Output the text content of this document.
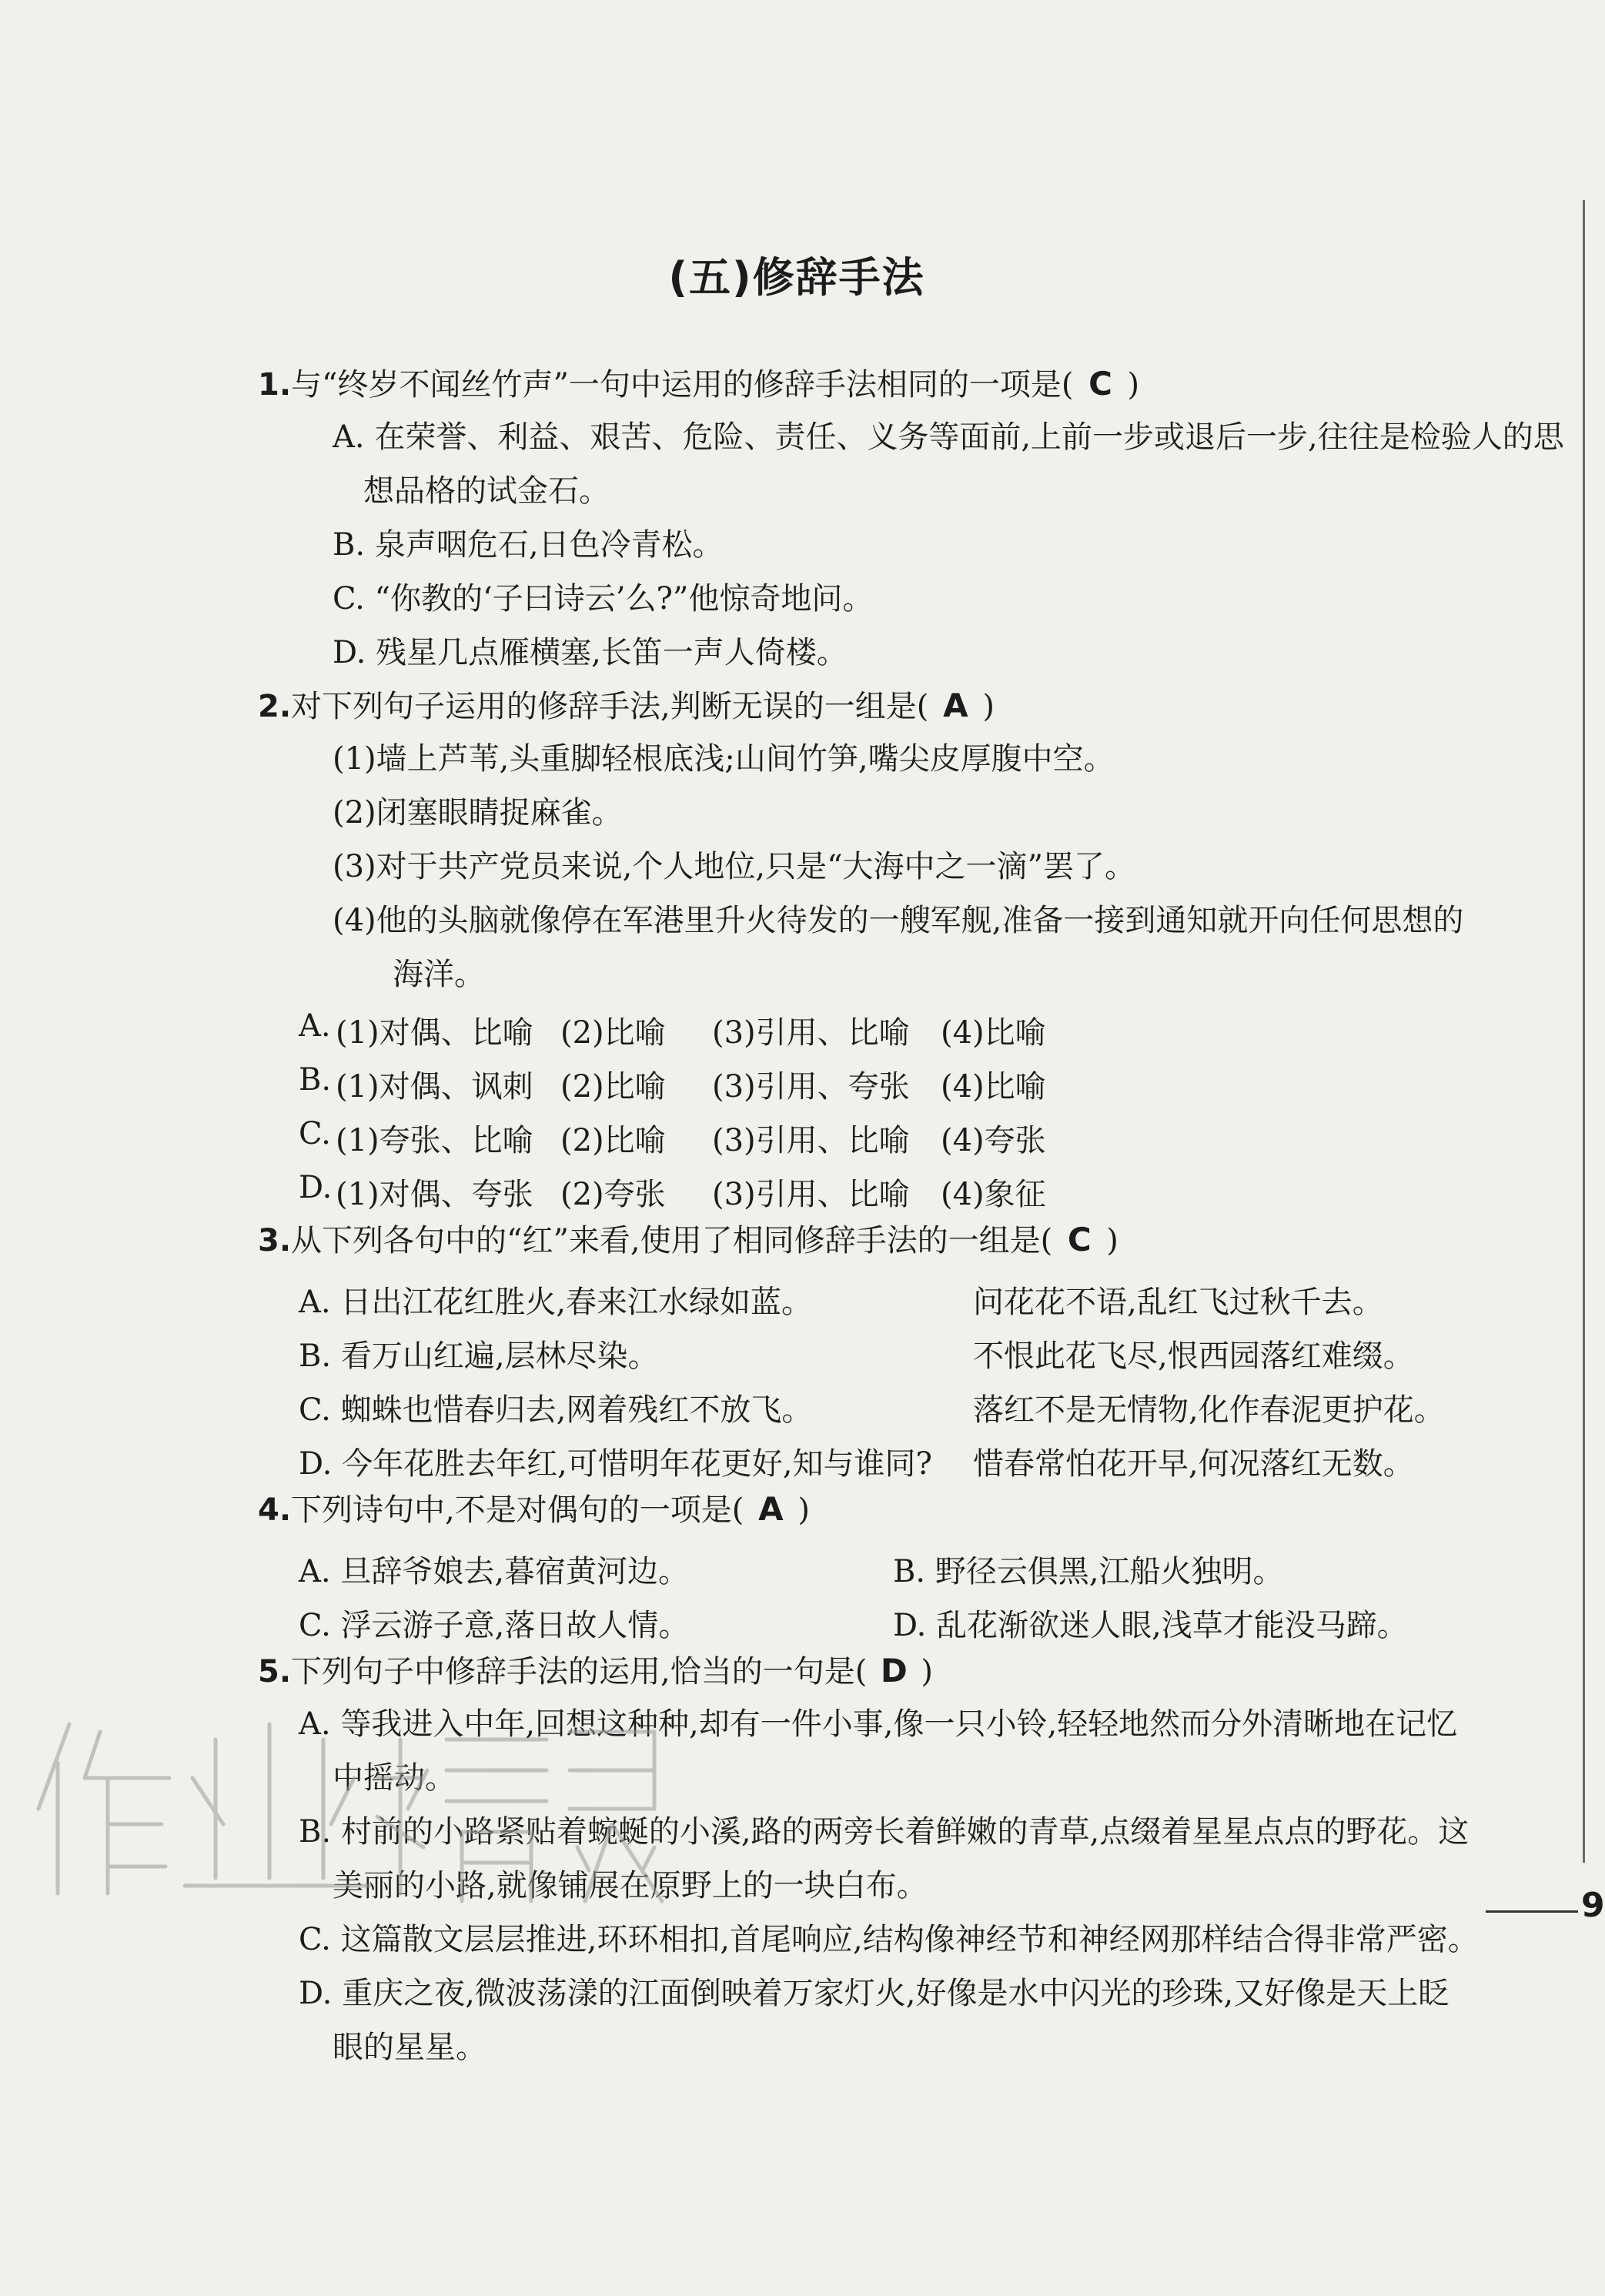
(五)修辞手法
1.与“终岁不闻丝竹声”一句中运用的修辞手法相同的一项是( C )
A. 在荣誉、利益、艰苦、危险、责任、义务等面前,上前一步或退后一步,往往是检验人的思
想品格的试金石。
B. 泉声咽危石,日色冷青松。
C. “你教的‘子曰诗云’么?”他惊奇地问。
D. 残星几点雁横塞,长笛一声人倚楼。
2.对下列句子运用的修辞手法,判断无误的一组是( A )
(1)墙上芦苇,头重脚轻根底浅;山间竹笋,嘴尖皮厚腹中空。
(2)闭塞眼睛捉麻雀。
(3)对于共产党员来说,个人地位,只是“大海中之一滴”罢了。
(4)他的头脑就像停在军港里升火待发的一艘军舰,准备一接到通知就开向任何思想的
海洋。
A. (1)对偶、比喻 (2)比喻 (3)引用、比喻 (4)比喻
B. (1)对偶、讽刺 (2)比喻 (3)引用、夸张 (4)比喻
C. (1)夸张、比喻 (2)比喻 (3)引用、比喻 (4)夸张
D. (1)对偶、夸张 (2)夸张 (3)引用、比喻 (4)象征
3.从下列各句中的“红”来看,使用了相同修辞手法的一组是( C )
A. 日出江花红胜火,春来江水绿如蓝。	问花花不语,乱红飞过秋千去。
B. 看万山红遍,层林尽染。	不恨此花飞尽,恨西园落红难缀。
C. 蜘蛛也惜春归去,网着残红不放飞。	落红不是无情物,化作春泥更护花。
D. 今年花胜去年红,可惜明年花更好,知与谁同? 惜春常怕花开早,何况落红无数。
4.下列诗句中,不是对偶句的一项是( A )
A. 旦辞爷娘去,暮宿黄河边。	B. 野径云俱黑,江船火独明。
C. 浮云游子意,落日故人情。	D. 乱花渐欲迷人眼,浅草才能没马蹄。
5.下列句子中修辞手法的运用,恰当的一句是( D )
A. 等我进入中年,回想这种种,却有一件小事,像一只小铃,轻轻地然而分外清晰地在记忆
中摇动。
B. 村前的小路紧贴着蜿蜒的小溪,路的两旁长着鲜嫩的青草,点缀着星星点点的野花。这
美丽的小路,就像铺展在原野上的一块白布。
C. 这篇散文层层推进,环环相扣,首尾响应,结构像神经节和神经网那样结合得非常严密。
D. 重庆之夜,微波荡漾的江面倒映着万家灯火,好像是水中闪光的珍珠,又好像是天上眨
眼的星星。
9
